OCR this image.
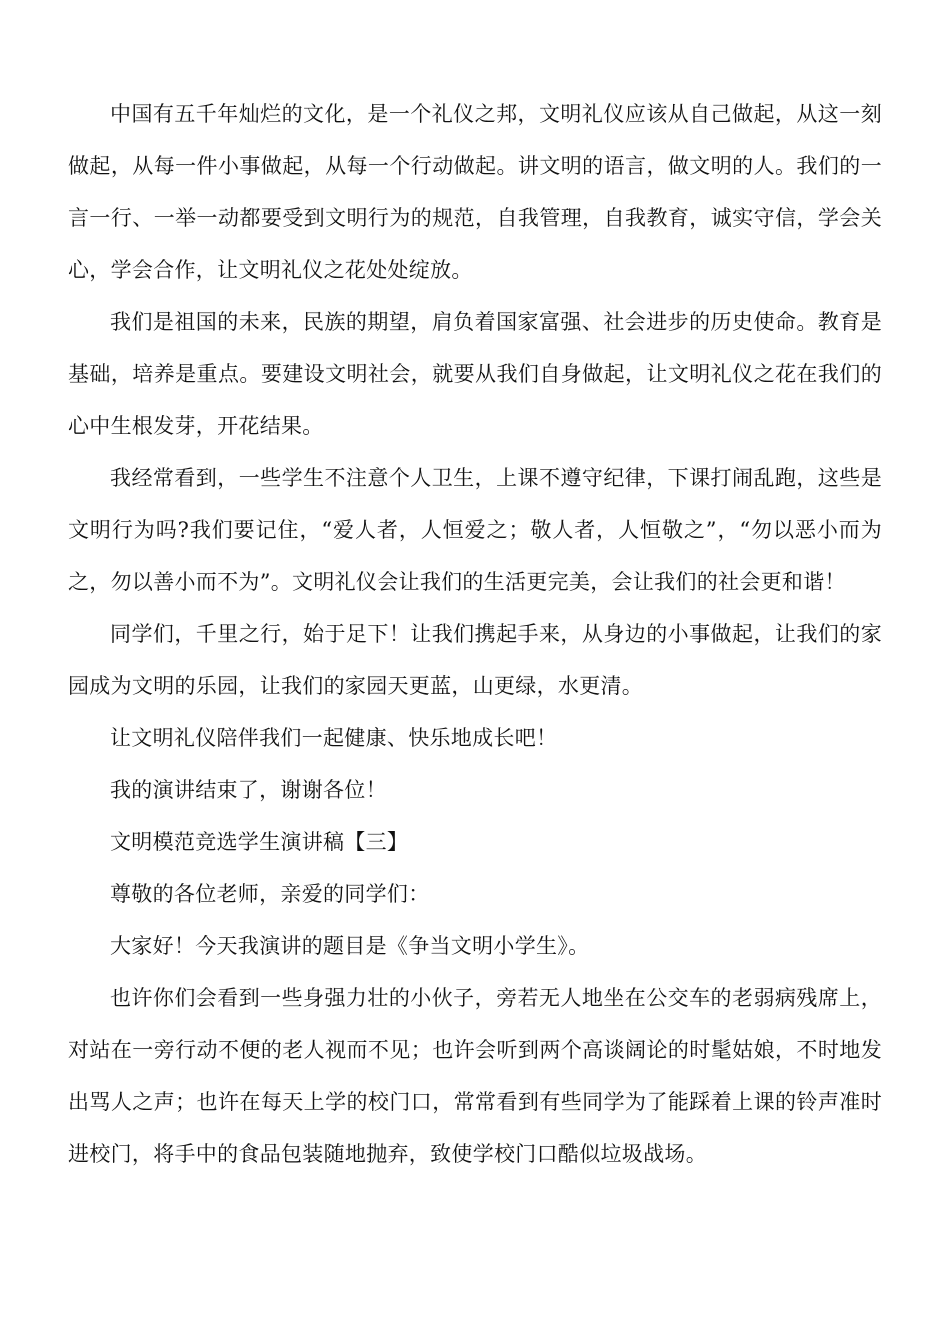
中国有五千年灿烂的文化，是一个礼仪之邦，文明礼仪应该从自己做起，从这一刻做起，从每一件小事做起，从每一个行动做起。讲文明的语言，做文明的人。我们的一言一行、一举一动都要受到文明行为的规范，自我管理，自我教育，诚实守信，学会关心，学会合作，让文明礼仪之花处处绽放。

我们是祖国的未来，民族的期望，肩负着国家富强、社会进步的历史使命。教育是基础，培养是重点。要建设文明社会，就要从我们自身做起，让文明礼仪之花在我们的心中生根发芽，开花结果。

我经常看到，一些学生不注意个人卫生，上课不遵守纪律，下课打闹乱跑，这些是文明行为吗?我们要记住，“爱人者，人恒爱之；敬人者，人恒敬之”，“勿以恶小而为之，勿以善小而不为”。文明礼仪会让我们的生活更完美，会让我们的社会更和谐！

同学们，千里之行，始于足下！让我们携起手来，从身边的小事做起，让我们的家园成为文明的乐园，让我们的家园天更蓝，山更绿，水更清。

让文明礼仪陪伴我们一起健康、快乐地成长吧！

我的演讲结束了，谢谢各位！

文明模范竞选学生演讲稿【三】

尊敬的各位老师，亲爱的同学们：

大家好！今天我演讲的题目是《争当文明小学生》。

也许你们会看到一些身强力壮的小伙子，旁若无人地坐在公交车的老弱病残席上，对站在一旁行动不便的老人视而不见；也许会听到两个高谈阔论的时髦姑娘，不时地发出骂人之声；也许在每天上学的校门口，常常看到有些同学为了能踩着上课的铃声准时进校门，将手中的食品包装随地抛弃，致使学校门口酷似垃圾战场。
